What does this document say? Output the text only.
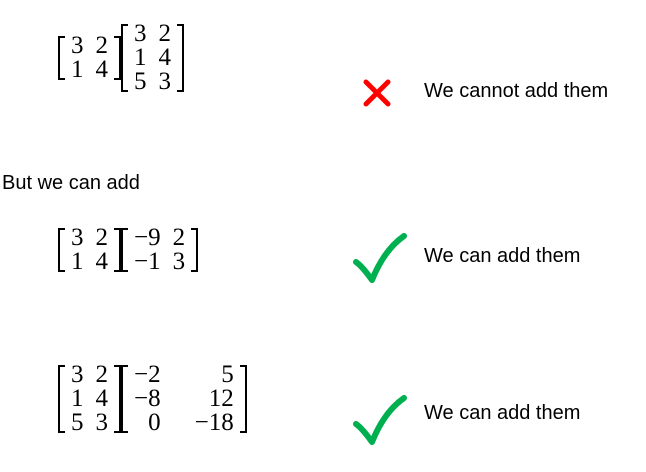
3	2
1	4
3	2
1	4
5	3	We cannot add them
But we can add
3	2
1	4
−9	2
−1	3	We can add them
3	2
1	4
5	3
−2	5
−8	12
0	−18	We can add them
